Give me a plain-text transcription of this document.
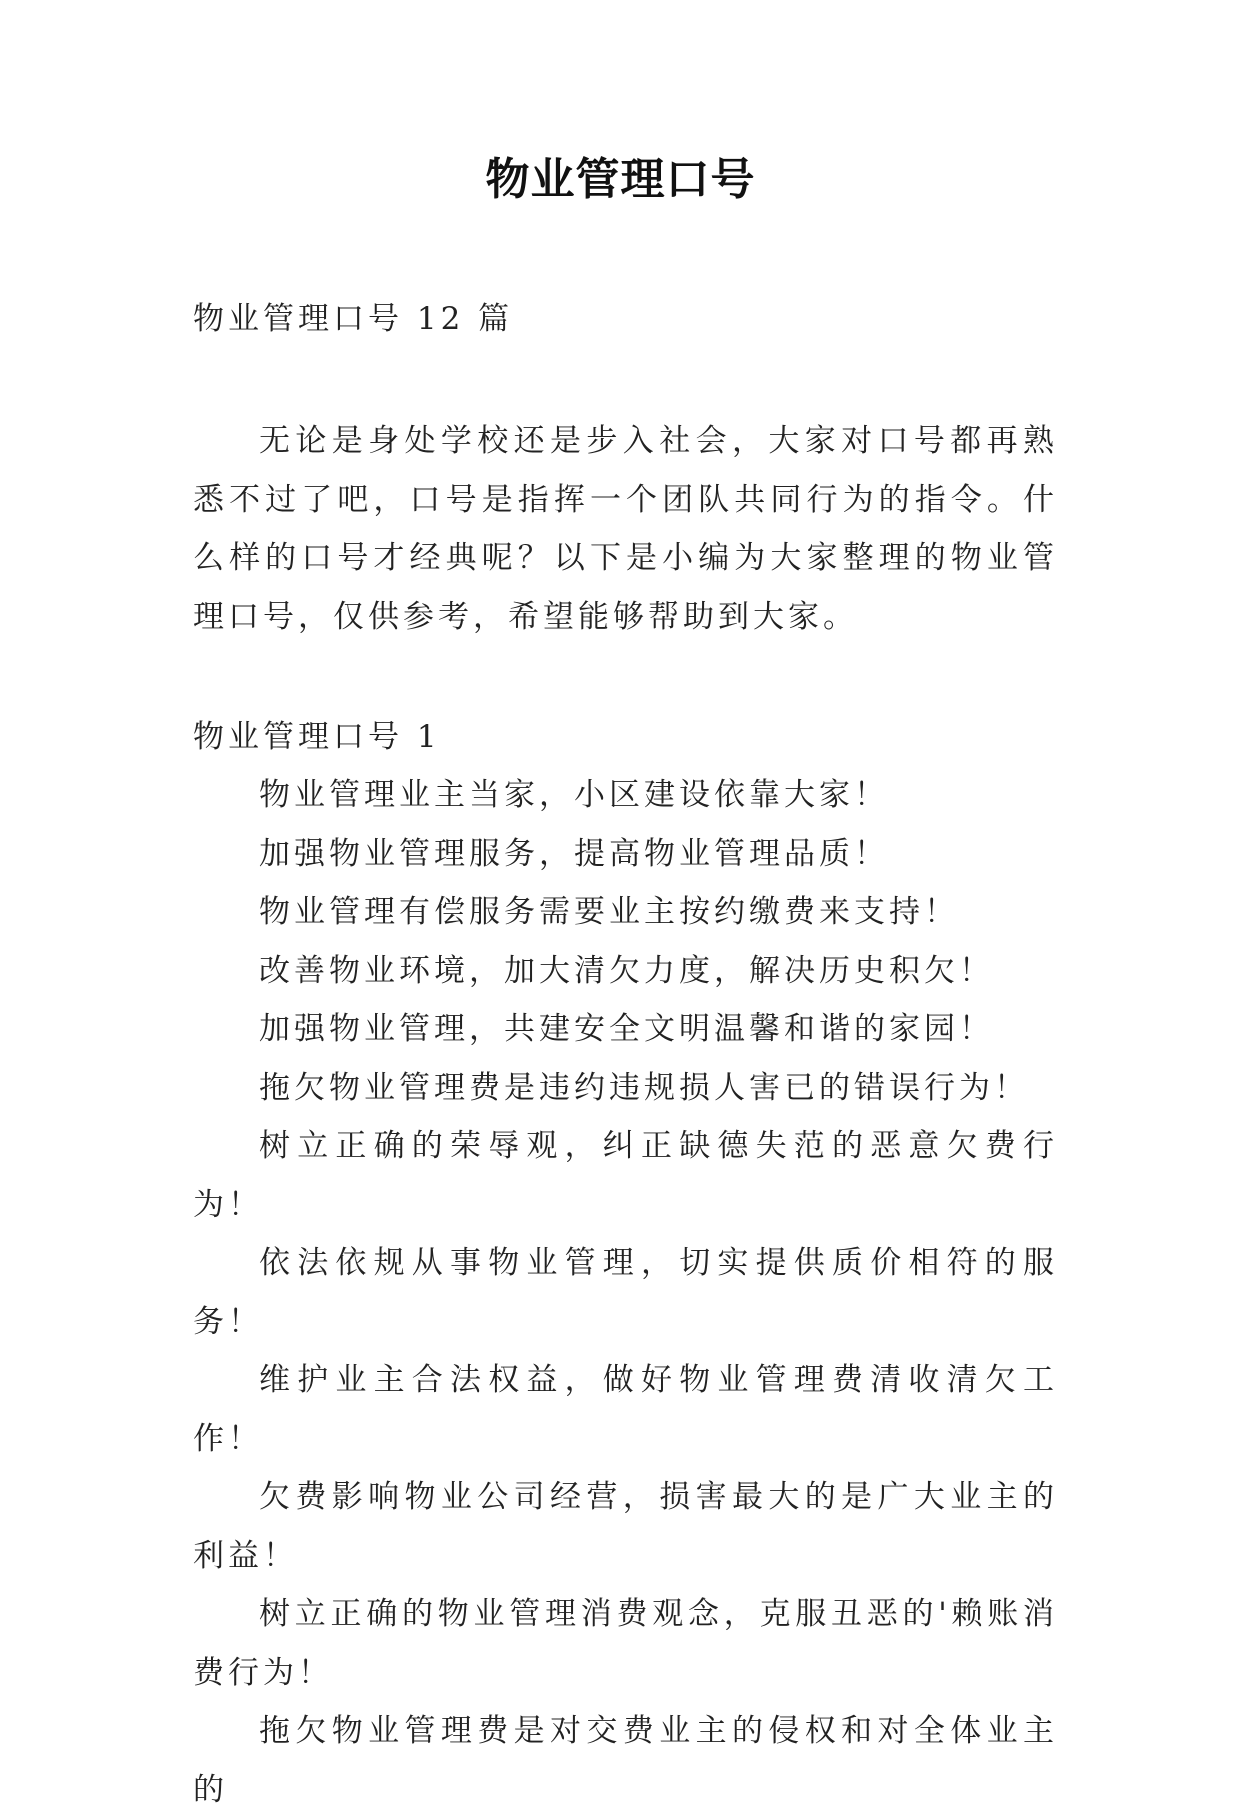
物业管理口号

物业管理口号 12 篇

无论是身处学校还是步入社会，大家对口号都再熟悉不过了吧，口号是指挥一个团队共同行为的指令。什么样的口号才经典呢？以下是小编为大家整理的物业管理口号，仅供参考，希望能够帮助到大家。

物业管理口号 1

物业管理业主当家，小区建设依靠大家！
加强物业管理服务，提高物业管理品质！
物业管理有偿服务需要业主按约缴费来支持！
改善物业环境，加大清欠力度，解决历史积欠！
加强物业管理，共建安全文明温馨和谐的家园！
拖欠物业管理费是违约违规损人害已的错误行为！
树立正确的荣辱观，纠正缺德失范的恶意欠费行为！
依法依规从事物业管理，切实提供质价相符的服务！
维护业主合法权益，做好物业管理费清收清欠工作！
欠费影响物业公司经营，损害最大的是广大业主的利益！
树立正确的物业管理消费观念，克服丑恶的'赖账消费行为！
拖欠物业管理费是对交费业主的侵权和对全体业主的
